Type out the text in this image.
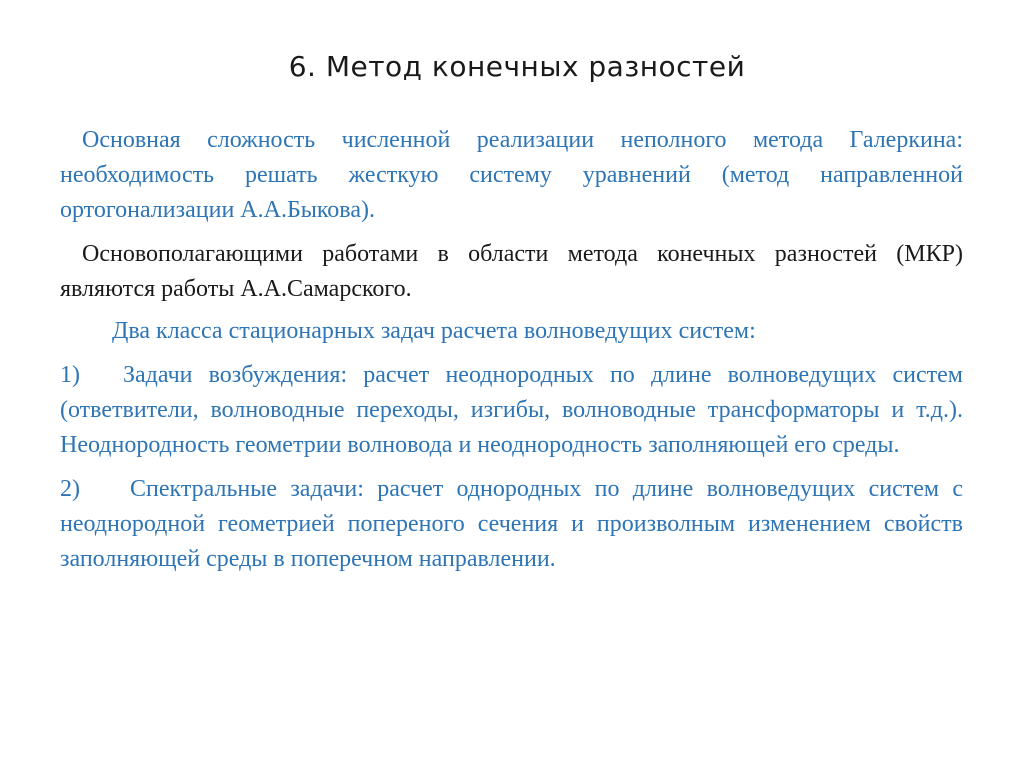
6. Метод конечных разностей

Основная сложность численной реализации неполного метода Галеркина: необходимость решать жесткую систему уравнений (метод направленной ортогонализации А.А.Быкова).

Основополагающими работами в области метода конечных разностей (МКР) являются работы А.А.Самарского.

Два класса стационарных задач расчета волноведущих систем:

1) Задачи возбуждения: расчет неоднородных по длине волноведущих систем (ответвители, волноводные переходы, изгибы, волноводные трансформаторы и т.д.). Неоднородность геометрии волновода и неоднородность заполняющей его среды.

2) Спектральные задачи: расчет однородных по длине волноведущих систем с неоднородной геометрией попереного сечения и произволным изменением свойств заполняющей среды в поперечном направлении.
